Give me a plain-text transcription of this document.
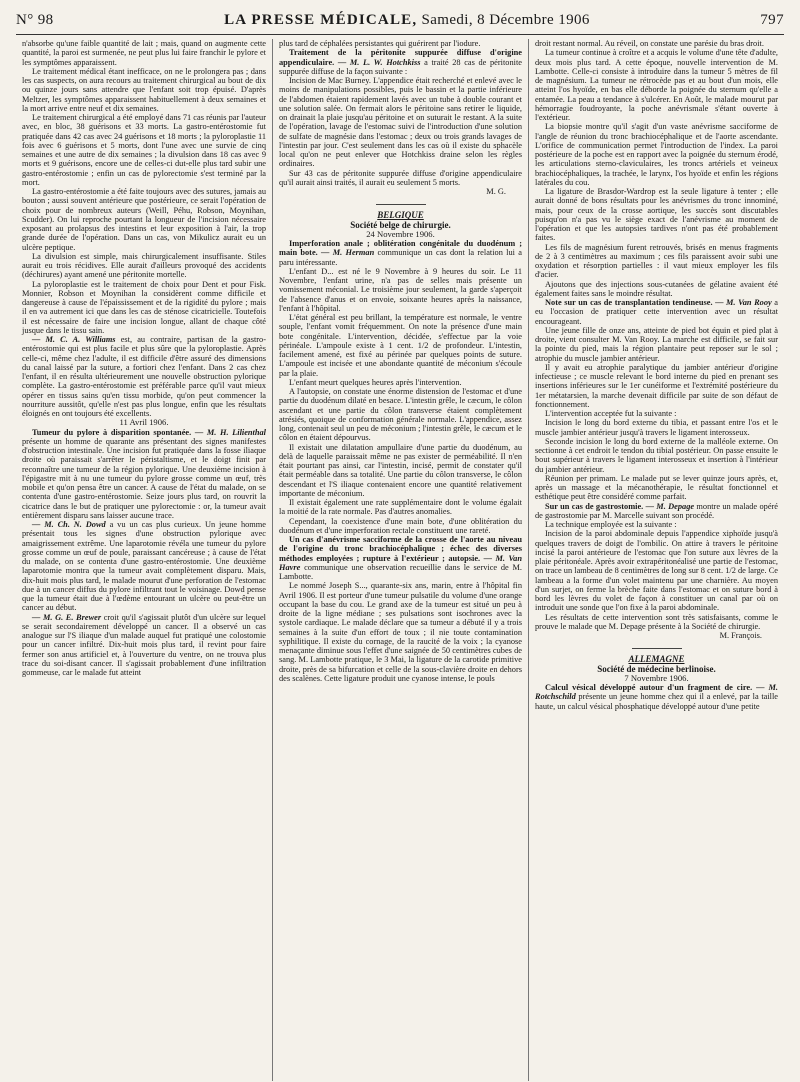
N° 98	LA PRESSE MÉDICALE, Samedi, 8 Décembre 1906	797

n'absorbe qu'une faible quantité de lait ; mais, quand on augmente cette quantité, la paroi est surmenée, ne peut plus lui faire franchir le pylore et les symptômes apparaissent.

Le traitement médical étant inefficace, on ne le prolongera pas ; dans les cas suspects, on aura recours au traitement chirurgical au bout de dix ou quinze jours sans attendre que l'enfant soit trop épuisé. D'après Meltzer, les symptômes apparaissent habituellement à deux semaines et la mort arrive entre neuf et dix semaines.

Le traitement chirurgical a été employé dans 71 cas réunis par l'auteur avec, en bloc, 38 guérisons et 33 morts. La gastro-entérostomie fut pratiquée dans 42 cas avec 24 guérisons et 18 morts ; la pyloroplastie 11 fois avec 6 guérisons et 5 morts, dont l'une avec une survie de cinq semaines et une autre de dix semaines ; la divulsion dans 18 cas avec 9 morts et 9 guérisons, encore une de celles-ci dut-elle plus tard subir une gastro-entérostomie ; enfin un cas de pylorectomie s'est terminé par la mort.

La gastro-entérostomie a été faite toujours avec des sutures, jamais au bouton ; aussi souvent antérieure que postérieure, ce serait l'opération de choix pour de nombreux auteurs (Weill, Péhu, Robson, Moynihan, Scudder). On lui reproche pourtant la longueur de l'incision nécessaire exposant au prolapsus des intestins et leur exposition à l'air, la trop grande durée de l'opération. Dans un cas, von Mikulicz aurait eu un ulcère peptique.

La divulsion est simple, mais chirurgicalement insuffisante. Stiles aurait eu trois récidives. Elle aurait d'ailleurs provoqué des accidents (déchirures) ayant amené une péritonite mortelle.

La pyloroplastie est le traitement de choix pour Dent et pour Fisk. Monnier, Robson et Moynihan la considèrent comme difficile et dangereuse à cause de l'épaississement et de la rigidité du pylore ; mais il en va autrement ici que dans les cas de sténose cicatricielle. Toutefois il est nécessaire de faire une incision longue, allant de chaque côté jusque dans le tissu sain.

— M. C. A. Williams est, au contraire, partisan de la gastro-entérostomie qui est plus facile et plus sûre que la pyloroplastie. Après celle-ci, même chez l'adulte, il est difficile d'être assuré des dimensions du canal laissé par la suture, a fortiori chez l'enfant. Dans 2 cas chez l'enfant, il en résulta ultérieurement une nouvelle obstruction pylorique complète. La gastro-entérostomie est préférable parce qu'il vaut mieux opérer en tissus sains qu'en tissu morbide, qu'on peut commencer la nourriture aussitôt, qu'elle n'est pas plus longue, enfin que les résultats éloignés en ont toujours été excellents.

11 Avril 1906.

Tumeur du pylore à disparition spontanée. — M. H. Lilienthal présente un homme de quarante ans présentant des signes manifestes d'obstruction intestinale. Une incision fut pratiquée dans la fosse iliaque droite où paraissait s'arrêter le péristaltisme, et le doigt finit par reconnaître une tumeur de la région pylorique. Une deuxième incision à l'épigastre mit à nu une tumeur du pylore grosse comme un œuf, très mobile et qu'on pensa être un cancer. A cause de l'état du malade, on se contenta d'une gastro-entérostomie. Seize jours plus tard, on rouvrit la cicatrice dans le but de pratiquer une pylorectomie : or, la tumeur avait entièrement disparu sans laisser aucune trace.

— M. Ch. N. Dowd a vu un cas plus curieux. Un jeune homme présentait tous les signes d'une obstruction pylorique avec amaigrissement extrême. Une laparotomie révéla une tumeur du pylore grosse comme un œuf de poule, paraissant cancéreuse ; à cause de l'état du malade, on se contenta d'une gastro-entérostomie. Une deuxième laparotomie montra que la tumeur avait complètement disparu. Mais, dix-huit mois plus tard, le malade mourut d'une perforation de l'estomac due à un cancer diffus du pylore infiltrant tout le voisinage. Dowd pense que la tumeur était due à l'œdème entourant un ulcère ou peut-être un cancer au début.

— M. G. E. Brewer croit qu'il s'agissait plutôt d'un ulcère sur lequel se serait secondairement développé un cancer. Il a observé un cas analogue sur l'S iliaque d'un malade auquel fut pratiqué une colostomie pour un cancer infiltré. Dix-huit mois plus tard, il revint pour faire fermer son anus artificiel et, à l'ouverture du ventre, on ne trouva plus trace du soi-disant cancer. Il s'agissait probablement d'une infiltration gommeuse, car le malade fut atteint

plus tard de céphalées persistantes qui guérirent par l'iodure.

Traitement de la péritonite suppurée diffuse d'origine appendiculaire. — M. L. W. Hotchkiss a traité 28 cas de péritonite suppurée diffuse de la façon suivante :

Incision de Mac Burney. L'appendice était recherché et enlevé avec le moins de manipulations possibles, puis le bassin et la partie inférieure de l'abdomen étaient rapidement lavés avec un tube à double courant et une solution salée. On fermait alors le péritoine sans retirer le liquide, on drainait la plaie jusqu'au péritoine et on suturait le restant. A la suite de l'opération, lavage de l'estomac suivi de l'introduction d'une solution de sulfate de magnésie dans l'estomac ; deux ou trois grands lavages de l'intestin par jour. C'est seulement dans les cas où il existe du sphacèle local qu'on ne peut enlever que Hotchkiss draine selon les règles ordinaires.

Sur 43 cas de péritonite suppurée diffuse d'origine appendiculaire qu'il aurait ainsi traités, il aurait eu seulement 5 morts.

M. G.

BELGIQUE

Société belge de chirurgie.

24 Novembre 1906.

Imperforation anale ; oblitération congénitale du duodénum ; main bote. — M. Herman communique un cas dont la relation lui a paru intéressante.

L'enfant D... est né le 9 Novembre à 9 heures du soir. Le 11 Novembre, l'enfant urine, n'a pas de selles mais présente un vomissement méconial. Le troisième jour seulement, la garde s'aperçoit de l'absence d'anus et on envoie, soixante heures après la naissance, l'enfant à l'hôpital.

L'état général est peu brillant, la température est normale, le ventre souple, l'enfant vomit fréquemment. On note la présence d'une main bote congénitale. L'intervention, décidée, s'effectue par la voie périnéale. L'ampoule existe à 1 cent. 1/2 de profondeur. L'intestin, facilement amené, est fixé au périnée par quelques points de suture. L'ampoule est incisée et une abondante quantité de méconium s'écoule par la plaie.

L'enfant meurt quelques heures après l'intervention.

A l'autopsie, on constate une énorme distension de l'estomac et d'une partie du duodénum dilaté en besace. L'intestin grêle, le cæcum, le côlon ascendant et une partie du côlon transverse étaient complètement atrésiés, quoique de conformation générale normale. L'appendice, assez long, contenait seul un peu de méconium ; l'intestin grêle, le cæcum et le côlon en étaient dépourvus.

Il existait une dilatation ampullaire d'une partie du duodénum, au delà de laquelle paraissait même ne pas exister de perméabilité. Il n'en était pourtant pas ainsi, car l'intestin, incisé, permit de constater qu'il était perméable dans sa totalité. Une partie du côlon transverse, le côlon descendant et l'S iliaque contenaient encore une quantité relativement importante de méconium.

Il existait également une rate supplémentaire dont le volume égalait la moitié de la rate normale. Pas d'autres anomalies.

Cependant, la coexistence d'une main bote, d'une oblitération du duodénum et d'une imperforation rectale constituent une rareté.

Un cas d'anévrisme sacciforme de la crosse de l'aorte au niveau de l'origine du tronc brachiocéphalique ; échec des diverses méthodes employées ; rupture à l'extérieur ; autopsie. — M. Van Havre communique une observation recueillie dans le service de M. Lambotte.

Le nommé Joseph S..., quarante-six ans, marin, entre à l'hôpital fin Avril 1906. Il est porteur d'une tumeur pulsatile du volume d'une orange occupant la base du cou. Le grand axe de la tumeur est situé un peu à droite de la ligne médiane ; ses pulsations sont isochrones avec la systole cardiaque. Le malade déclare que sa tumeur a débuté il y a trois semaines à la suite d'un effort de toux ; il nie toute contamination syphilitique. Il existe du cornage, de la raucité de la voix ; la cyanose menaçante diminue sous l'effet d'une saignée de 50 centimètres cubes de sang. M. Lambotte pratique, le 3 Mai, la ligature de la carotide primitive droite, près de sa bifurcation et celle de la sous-clavière droite en dehors des scalènes. Cette ligature produit une cyanose intense, le pouls

droit restant normal. Au réveil, on constate une parésie du bras droit.

La tumeur continue à croître et a acquis le volume d'une tête d'adulte, deux mois plus tard. A cette époque, nouvelle intervention de M. Lambotte. Celle-ci consiste à introduire dans la tumeur 5 mètres de fil de magnésium. La tumeur ne rétrocède pas et au bout d'un mois, elle atteint l'os hyoïde, en bas elle déborde la poignée du sternum qu'elle a entamée. La peau a tendance à s'ulcérer. En Août, le malade mourut par hémorragie foudroyante, la poche anévrismale s'étant ouverte à l'extérieur.

La biopsie montre qu'il s'agit d'un vaste anévrisme sacciforme de l'angle de réunion du tronc brachiocéphalique et de l'aorte ascendante. L'orifice de communication permet l'introduction de l'index. La paroi postérieure de la poche est en rapport avec la poignée du sternum érodé, les articulations sterno-claviculaires, les troncs artériels et veineux brachiocéphaliques, la trachée, le larynx, l'os hyoïde et enfin les régions latérales du cou.

La ligature de Brasdor-Wardrop est la seule ligature à tenter ; elle aurait donné de bons résultats pour les anévrismes du tronc innominé, mais, pour ceux de la crosse aortique, les succès sont discutables puisqu'on n'a pas vu le siège exact de l'anévrisme au moment de l'opération et que les autopsies tardives n'ont pas été probablement faites.

Les fils de magnésium furent retrouvés, brisés en menus fragments de 2 à 3 centimètres au maximum ; ces fils paraissent avoir subi une oxydation et résorption partielles : il vaut mieux employer les fils d'acier.

Ajoutons que des injections sous-cutanées de gélatine avaient été également faites sans le moindre résultat.

Note sur un cas de transplantation tendineuse. — M. Van Rooy a eu l'occasion de pratiquer cette intervention avec un résultat encourageant.

Une jeune fille de onze ans, atteinte de pied bot équin et pied plat à droite, vient consulter M. Van Rooy. La marche est difficile, se fait sur la pointe du pied, mais la région plantaire peut reposer sur le sol ; atrophie du muscle jambier antérieur.

Il y avait eu atrophie paralytique du jambier antérieur d'origine infectieuse ; ce muscle relevant le bord interne du pied en prenant ses insertions inférieures sur le 1er cunéiforme et l'extrémité postérieure du 1er métatarsien, la marche devenait difficile par suite de son défaut de fonctionnement.

L'intervention acceptée fut la suivante :

Incision le long du bord externe du tibia, et passant entre l'os et le muscle jambier antérieur jusqu'à travers le ligament interosseux.

Seconde incision le long du bord externe de la malléole externe. On sectionne à cet endroit le tendon du tibial postérieur. On passe ensuite le bout supérieur à travers le ligament interosseux et insertion à l'intérieur du jambier antérieur.

Réunion per primam. Le malade put se lever quinze jours après, et, après un massage et la mécanothérapie, le résultat fonctionnel et esthétique peut être considéré comme parfait.

Sur un cas de gastrostomie. — M. Depage montre un malade opéré de gastrostomie par M. Marcelle suivant son procédé.

La technique employée est la suivante :

Incision de la paroi abdominale depuis l'appendice xiphoïde jusqu'à quelques travers de doigt de l'ombilic. On attire à travers le péritoine incisé la paroi antérieure de l'estomac que l'on suture aux lèvres de la plaie péritonéale. Après avoir extrapéritonéalisé une partie de l'estomac, on trace un lambeau de 8 centimètres de long sur 8 cent. 1/2 de large. Ce lambeau a la forme d'un volet maintenu par une charnière. Au moyen d'un surjet, on ferme la brèche faite dans l'estomac et on suture bord à bord les lèvres du volet de façon à constituer un canal par où on introduit une sonde que l'on fixe à la paroi abdominale.

Les résultats de cette intervention sont très satisfaisants, comme le prouve le malade que M. Depage présente à la Société de chirurgie.

M. François.

ALLEMAGNE

Société de médecine berlinoise.

7 Novembre 1906.

Calcul vésical développé autour d'un fragment de cire. — M. Rotchschild présente un jeune homme chez qui il a enlevé, par la taille haute, un calcul vésical phosphatique développé autour d'une petite
